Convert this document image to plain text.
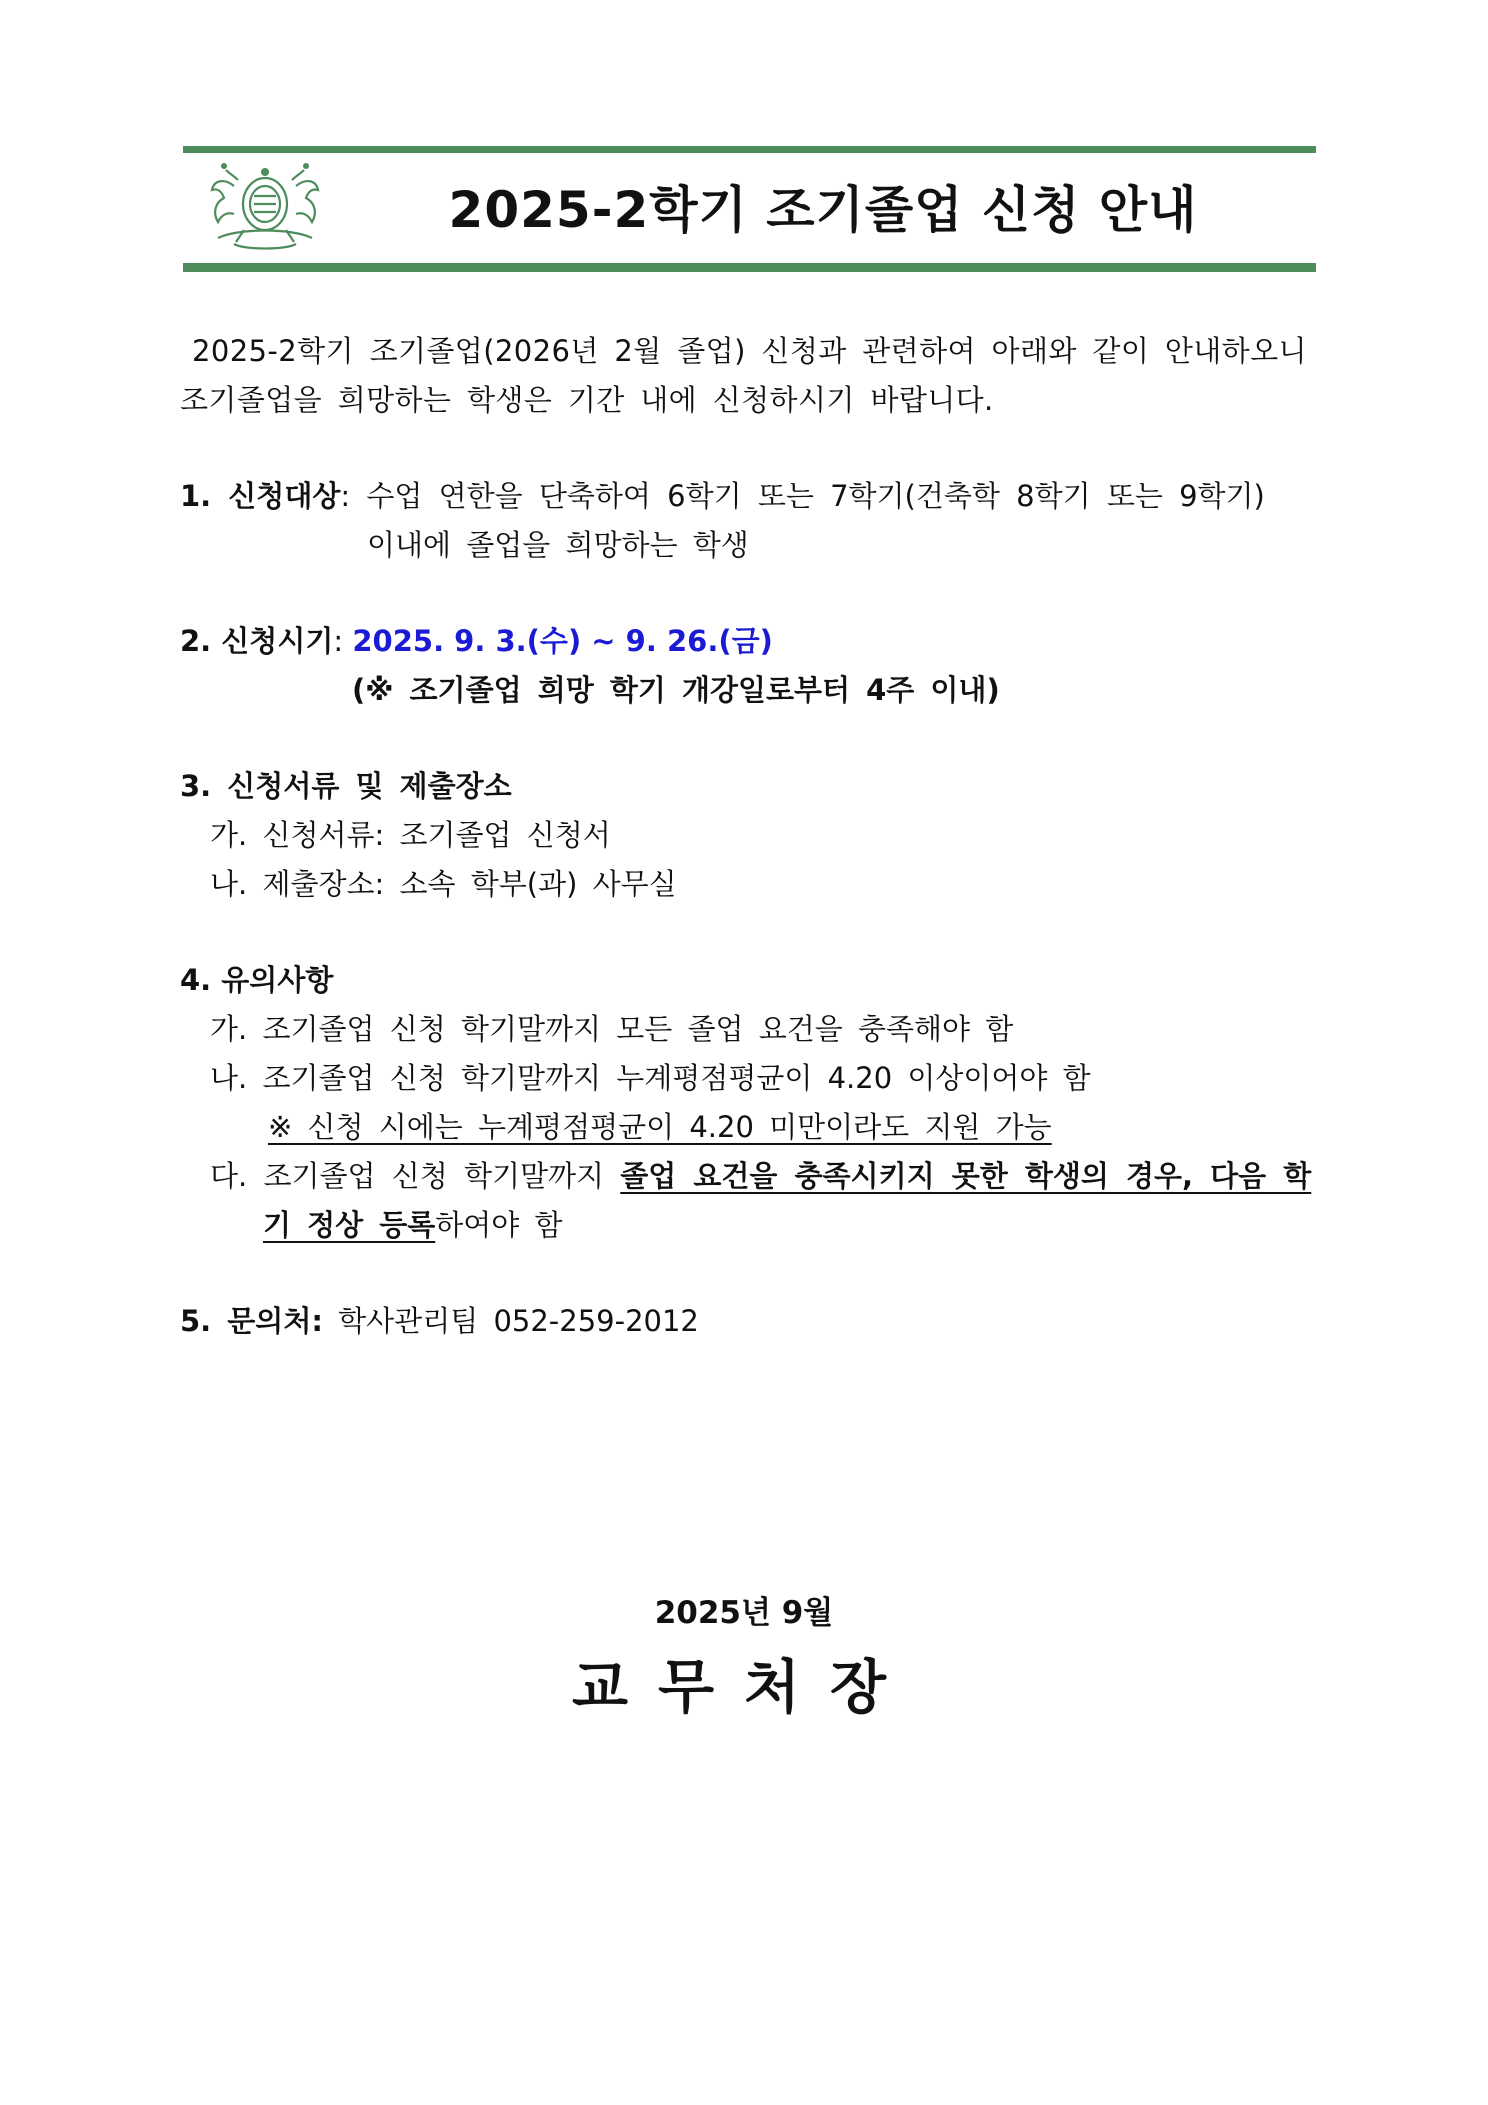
2025-2학기 조기졸업 신청 안내
2025-2학기 조기졸업(2026년 2월 졸업) 신청과 관련하여 아래와 같이 안내하오니
조기졸업을 희망하는 학생은 기간 내에 신청하시기 바랍니다.
1. 신청대상: 수업 연한을 단축하여 6학기 또는 7학기(건축학 8학기 또는 9학기)
이내에 졸업을 희망하는 학생
2. 신청시기: 2025. 9. 3.(수) ~ 9. 26.(금)
(※ 조기졸업 희망 학기 개강일로부터 4주 이내)
3. 신청서류 및 제출장소
가. 신청서류: 조기졸업 신청서
나. 제출장소: 소속 학부(과) 사무실
4. 유의사항
가. 조기졸업 신청 학기말까지 모든 졸업 요건을 충족해야 함
나. 조기졸업 신청 학기말까지 누계평점평균이 4.20 이상이어야 함
※ 신청 시에는 누계평점평균이 4.20 미만이라도 지원 가능
다. 조기졸업 신청 학기말까지 졸업 요건을 충족시키지 못한 학생의 경우, 다음 학
기 정상 등록하여야 함
5. 문의처: 학사관리팀 052-259-2012
2025년 9월
교무처장
